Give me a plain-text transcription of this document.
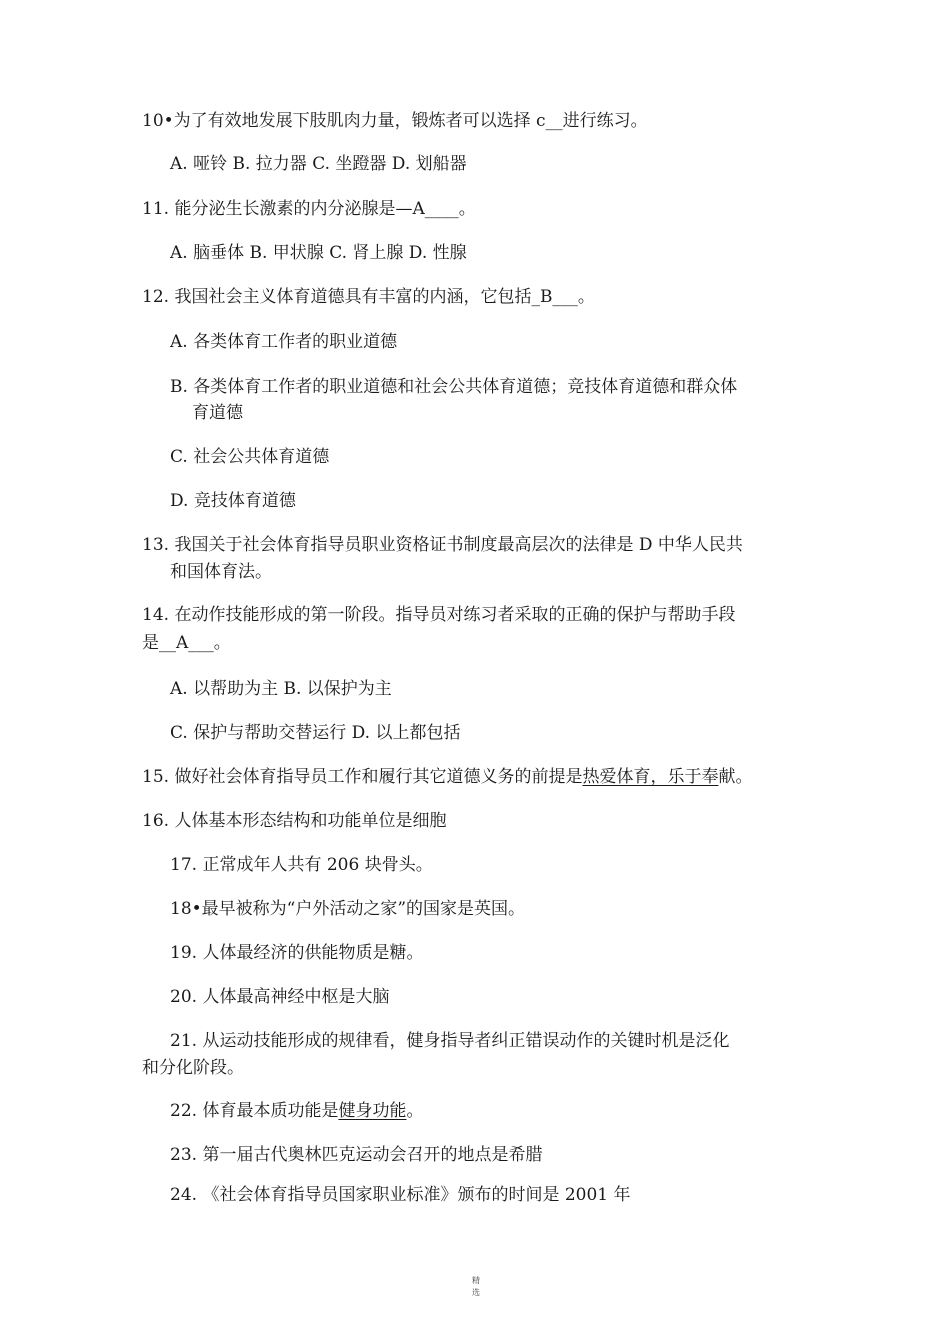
10•为了有效地发展下肢肌肉力量，锻炼者可以选择 c__进行练习。
A. 哑铃 B. 拉力器 C. 坐蹬器 D. 划船器
11. 能分泌生长激素的内分泌腺是—A____。
A. 脑垂体 B. 甲状腺 C. 肾上腺 D. 性腺
12. 我国社会主义体育道德具有丰富的内涵，它包括_B___。
A. 各类体育工作者的职业道德
B. 各类体育工作者的职业道德和社会公共体育道德；竞技体育道德和群众体
育道德
C. 社会公共体育道德
D. 竞技体育道德
13. 我国关于社会体育指导员职业资格证书制度最高层次的法律是 D 中华人民共
和国体育法。
14. 在动作技能形成的第一阶段。指导员对练习者采取的正确的保护与帮助手段
是__A___。
A. 以帮助为主 B. 以保护为主
C. 保护与帮助交替运行 D. 以上都包括
15. 做好社会体育指导员工作和履行其它道德义务的前提是热爱体育，乐于奉献。
16. 人体基本形态结构和功能单位是细胞
17. 正常成年人共有 206 块骨头。
18•最早被称为“户外活动之家”的国家是英国。
19. 人体最经济的供能物质是糖。
20. 人体最高神经中枢是大脑
21. 从运动技能形成的规律看，健身指导者纠正错误动作的关键时机是泛化
和分化阶段。
22. 体育最本质功能是健身功能。
23. 第一届古代奥林匹克运动会召开的地点是希腊
24. 《社会体育指导员国家职业标准》颁布的时间是 2001 年
精
选
